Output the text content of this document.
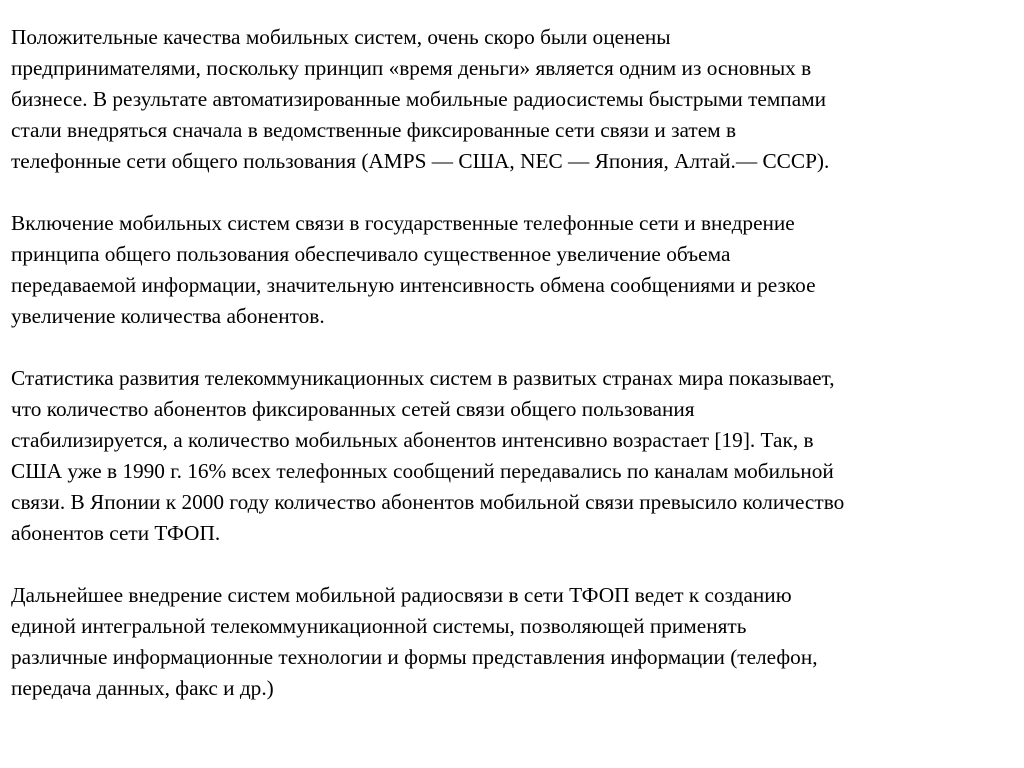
Положительные качества мобильных систем, очень скоро были оценены
предпринимателями, поскольку принцип «время деньги» является одним из основных в
бизнесе. В результате автоматизированные мобильные радиосистемы быстрыми темпами
стали внедряться сначала в ведомственные фиксированные сети связи и затем в
телефонные сети общего пользования (AMPS — США, NEC — Япония, Алтай.— СССР).

Включение мобильных систем связи в государственные телефонные сети и внедрение
принципа общего пользования обеспечивало существенное увеличение объема
передаваемой информации, значительную интенсивность обмена сообщениями и резкое
увеличение количества абонентов.

Статистика развития телекоммуникационных систем в развитых странах мира показывает,
что количество абонентов фиксированных сетей связи общего пользования
стабилизируется, а количество мобильных абонентов интенсивно возрастает [19]. Так, в
США уже в 1990 г. 16% всех телефонных сообщений передавались по каналам мобильной
связи. В Японии к 2000 году количество абонентов мобильной связи превысило количество
абонентов сети ТФОП.

Дальнейшее внедрение систем мобильной радиосвязи в сети ТФОП ведет к созданию
единой интегральной телекоммуникационной системы, позволяющей применять
различные информационные технологии и формы представления информации (телефон,
передача данных, факс и др.)
